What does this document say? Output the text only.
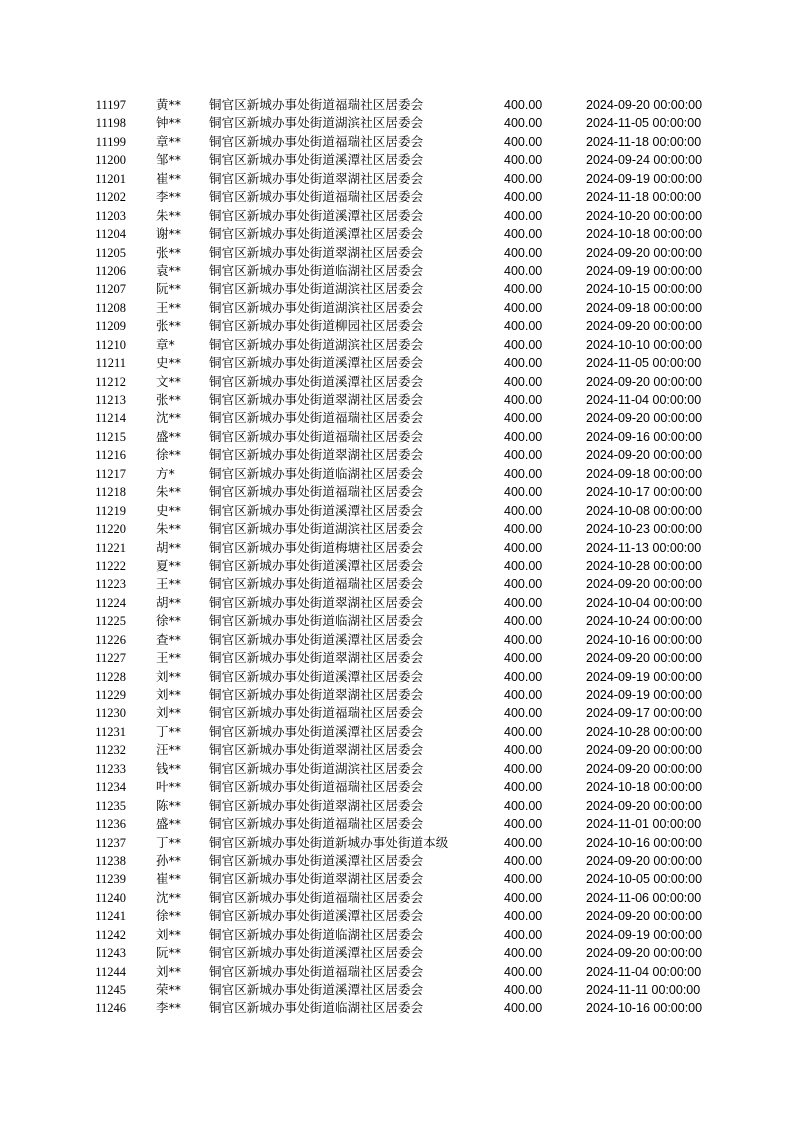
11197 黄**	铜官区新城办事处街道福瑞社区居委会	400.00	2024-09-20 00:00:00
11198 钟**	铜官区新城办事处街道湖滨社区居委会	400.00	2024-11-05 00:00:00
11199 章**	铜官区新城办事处街道福瑞社区居委会	400.00	2024-11-18 00:00:00
11200 邹**	铜官区新城办事处街道溪潭社区居委会	400.00	2024-09-24 00:00:00
11201 崔**	铜官区新城办事处街道翠湖社区居委会	400.00	2024-09-19 00:00:00
11202 李**	铜官区新城办事处街道福瑞社区居委会	400.00	2024-11-18 00:00:00
11203 朱**	铜官区新城办事处街道溪潭社区居委会	400.00	2024-10-20 00:00:00
11204 谢**	铜官区新城办事处街道溪潭社区居委会	400.00	2024-10-18 00:00:00
11205 张**	铜官区新城办事处街道翠湖社区居委会	400.00	2024-09-20 00:00:00
11206 袁**	铜官区新城办事处街道临湖社区居委会	400.00	2024-09-19 00:00:00
11207 阮**	铜官区新城办事处街道湖滨社区居委会	400.00	2024-10-15 00:00:00
11208 王**	铜官区新城办事处街道湖滨社区居委会	400.00	2024-09-18 00:00:00
11209 张**	铜官区新城办事处街道柳园社区居委会	400.00	2024-09-20 00:00:00
11210 章*	铜官区新城办事处街道湖滨社区居委会	400.00	2024-10-10 00:00:00
11211 史**	铜官区新城办事处街道溪潭社区居委会	400.00	2024-11-05 00:00:00
11212 文**	铜官区新城办事处街道溪潭社区居委会	400.00	2024-09-20 00:00:00
11213 张**	铜官区新城办事处街道翠湖社区居委会	400.00	2024-11-04 00:00:00
11214 沈**	铜官区新城办事处街道福瑞社区居委会	400.00	2024-09-20 00:00:00
11215 盛**	铜官区新城办事处街道福瑞社区居委会	400.00	2024-09-16 00:00:00
11216 徐**	铜官区新城办事处街道翠湖社区居委会	400.00	2024-09-20 00:00:00
11217 方*	铜官区新城办事处街道临湖社区居委会	400.00	2024-09-18 00:00:00
11218 朱**	铜官区新城办事处街道福瑞社区居委会	400.00	2024-10-17 00:00:00
11219 史**	铜官区新城办事处街道溪潭社区居委会	400.00	2024-10-08 00:00:00
11220 朱**	铜官区新城办事处街道湖滨社区居委会	400.00	2024-10-23 00:00:00
11221 胡**	铜官区新城办事处街道梅塘社区居委会	400.00	2024-11-13 00:00:00
11222 夏**	铜官区新城办事处街道溪潭社区居委会	400.00	2024-10-28 00:00:00
11223 王**	铜官区新城办事处街道福瑞社区居委会	400.00	2024-09-20 00:00:00
11224 胡**	铜官区新城办事处街道翠湖社区居委会	400.00	2024-10-04 00:00:00
11225 徐**	铜官区新城办事处街道临湖社区居委会	400.00	2024-10-24 00:00:00
11226 查**	铜官区新城办事处街道溪潭社区居委会	400.00	2024-10-16 00:00:00
11227 王**	铜官区新城办事处街道翠湖社区居委会	400.00	2024-09-20 00:00:00
11228 刘**	铜官区新城办事处街道溪潭社区居委会	400.00	2024-09-19 00:00:00
11229 刘**	铜官区新城办事处街道翠湖社区居委会	400.00	2024-09-19 00:00:00
11230 刘**	铜官区新城办事处街道福瑞社区居委会	400.00	2024-09-17 00:00:00
11231 丁**	铜官区新城办事处街道溪潭社区居委会	400.00	2024-10-28 00:00:00
11232 汪**	铜官区新城办事处街道翠湖社区居委会	400.00	2024-09-20 00:00:00
11233 钱**	铜官区新城办事处街道湖滨社区居委会	400.00	2024-09-20 00:00:00
11234 叶**	铜官区新城办事处街道福瑞社区居委会	400.00	2024-10-18 00:00:00
11235 陈**	铜官区新城办事处街道翠湖社区居委会	400.00	2024-09-20 00:00:00
11236 盛**	铜官区新城办事处街道福瑞社区居委会	400.00	2024-11-01 00:00:00
11237 丁**	铜官区新城办事处街道新城办事处街道本级	400.00	2024-10-16 00:00:00
11238 孙**	铜官区新城办事处街道溪潭社区居委会	400.00	2024-09-20 00:00:00
11239 崔**	铜官区新城办事处街道翠湖社区居委会	400.00	2024-10-05 00:00:00
11240 沈**	铜官区新城办事处街道福瑞社区居委会	400.00	2024-11-06 00:00:00
11241 徐**	铜官区新城办事处街道溪潭社区居委会	400.00	2024-09-20 00:00:00
11242 刘**	铜官区新城办事处街道临湖社区居委会	400.00	2024-09-19 00:00:00
11243 阮**	铜官区新城办事处街道溪潭社区居委会	400.00	2024-09-20 00:00:00
11244 刘**	铜官区新城办事处街道福瑞社区居委会	400.00	2024-11-04 00:00:00
11245 荣**	铜官区新城办事处街道溪潭社区居委会	400.00	2024-11-11 00:00:00
11246 李**	铜官区新城办事处街道临湖社区居委会	400.00	2024-10-16 00:00:00
